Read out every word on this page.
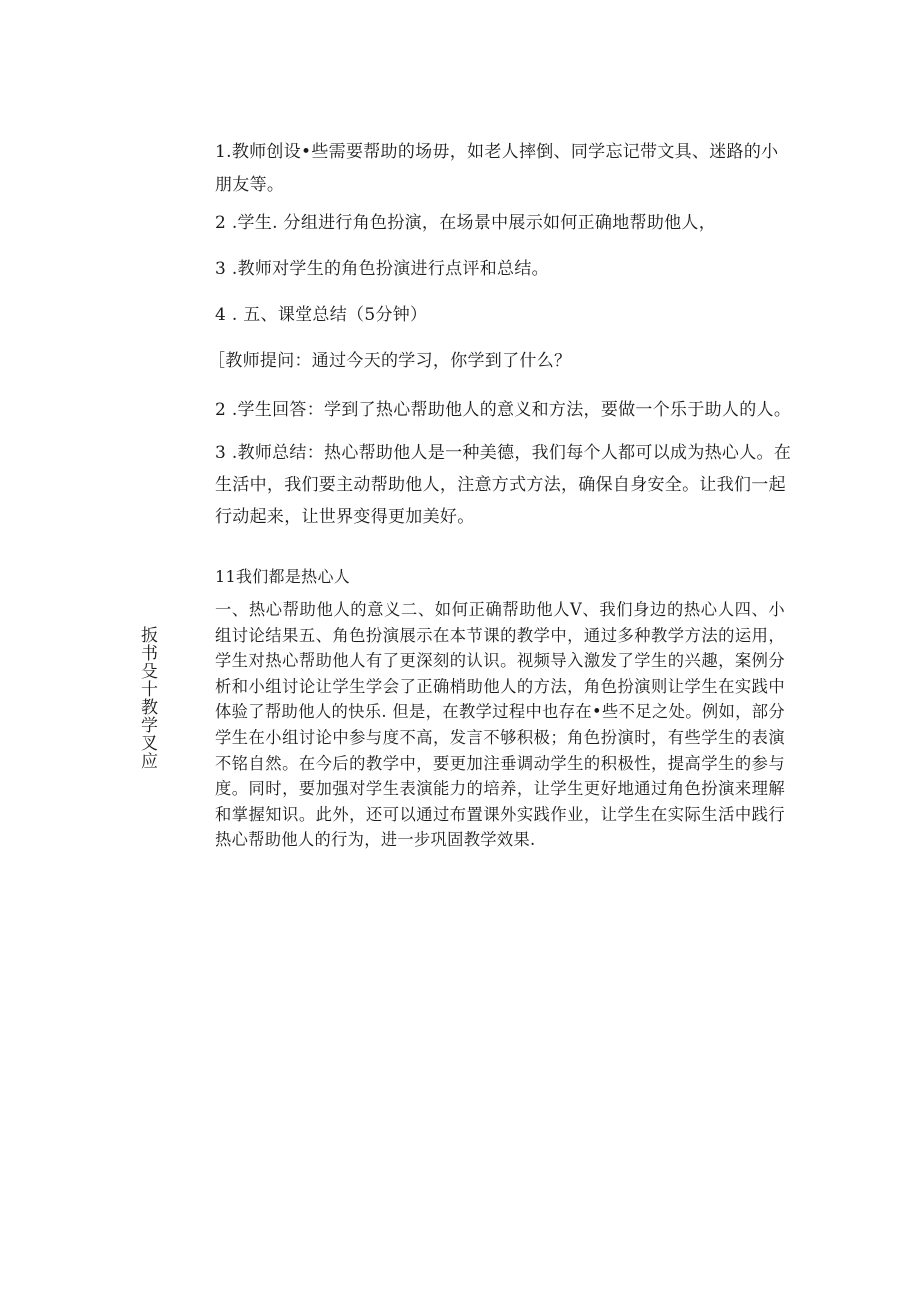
1.教师创设•些需要帮助的场毋，如老人摔倒、同学忘记带文具、迷路的小朋友等。

2 .学生. 分组进行角色扮演，在场景中展示如何正确地帮助他人，

3 .教师对学生的角色扮演进行点评和总结。

4 . 五、课堂总结（5分钟）

［教师提问：通过今天的学习，你学到了什么？

2 .学生回答：学到了热心帮助他人的意义和方法，要做一个乐于助人的人。

3 .教师总结：热心帮助他人是一种美德，我们每个人都可以成为热心人。在生活中，我们要主动帮助他人，注意方式方法，确保自身安全。让我们一起行动起来，让世界变得更加美好。

11我们都是热心人

一、热心帮助他人的意义二、如何正确帮助他人V、我们身边的热心人四、小组讨论结果五、角色扮演展示在本节课的教学中，通过多种教学方法的运用，学生对热心帮助他人有了更深刻的认识。视频导入激发了学生的兴趣，案例分析和小组讨论让学生学会了正确梢助他人的方法，角色扮演则让学生在实践中体验了帮助他人的快乐. 但是，在教学过程中也存在•些不足之处。例如，部分学生在小组讨论中参与度不高，发言不够积极；角色扮演时，有些学生的表演不铭自然。在今后的教学中，要更加注垂调动学生的积极性，提高学生的参与度。同时，要加强对学生表演能力的培养，让学生更好地通过角色扮演来理解和掌握知识。此外，还可以通过布置课外实践作业，让学生在实际生活中践行热心帮助他人的行为，进一步巩固教学效果.

扳书殳十教学叉应
